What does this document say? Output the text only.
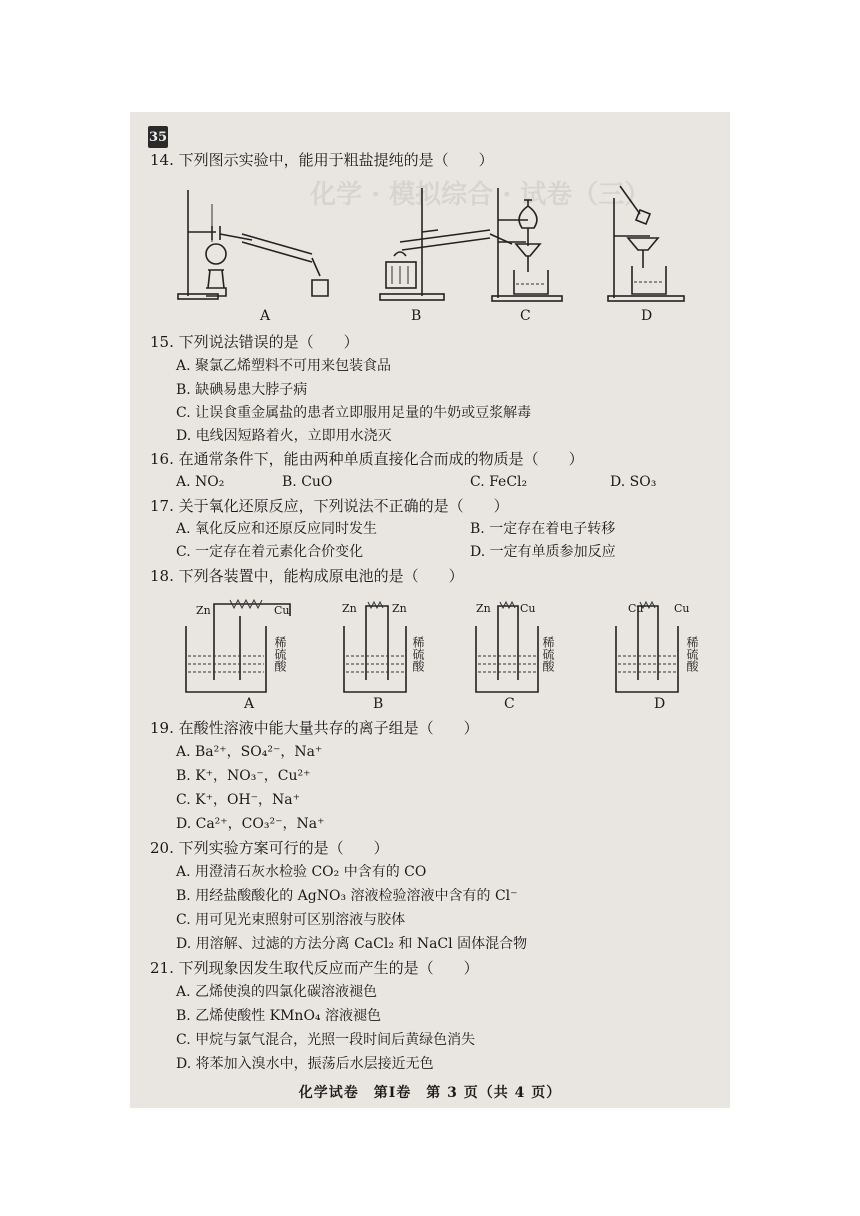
化学 · 模拟综合 · 试卷（三）
35
14. 下列图示实验中，能用于粗盐提纯的是（　　）
A	B	C	D
15. 下列说法错误的是（　　）
A. 聚氯乙烯塑料不可用来包装食品
B. 缺碘易患大脖子病
C. 让误食重金属盐的患者立即服用足量的牛奶或豆浆解毒
D. 电线因短路着火，立即用水浇灭
16. 在通常条件下，能由两种单质直接化合而成的物质是（　　）
A. NO₂	B. CuO	C. FeCl₂	D. SO₃
17. 关于氧化还原反应，下列说法不正确的是（　　）
A. 氧化反应和还原反应同时发生	B. 一定存在着电子转移
C. 一定存在着元素化合价变化	D. 一定有单质参加反应
18. 下列各装置中，能构成原电池的是（　　）
Zn	Cu
稀硫酸
A
Zn	Zn
稀硫酸
B
Zn	Cu
稀硫酸
C
Cu	Cu
稀硫酸
D
19. 在酸性溶液中能大量共存的离子组是（　　）
A. Ba²⁺，SO₄²⁻，Na⁺
B. K⁺，NO₃⁻，Cu²⁺
C. K⁺，OH⁻，Na⁺
D. Ca²⁺，CO₃²⁻，Na⁺
20. 下列实验方案可行的是（　　）
A. 用澄清石灰水检验 CO₂ 中含有的 CO
B. 用经盐酸酸化的 AgNO₃ 溶液检验溶液中含有的 Cl⁻
C. 用可见光束照射可区别溶液与胶体
D. 用溶解、过滤的方法分离 CaCl₂ 和 NaCl 固体混合物
21. 下列现象因发生取代反应而产生的是（　　）
A. 乙烯使溴的四氯化碳溶液褪色
B. 乙烯使酸性 KMnO₄ 溶液褪色
C. 甲烷与氯气混合，光照一段时间后黄绿色消失
D. 将苯加入溴水中，振荡后水层接近无色
化学试卷　第Ⅰ卷　第 3 页（共 4 页）
